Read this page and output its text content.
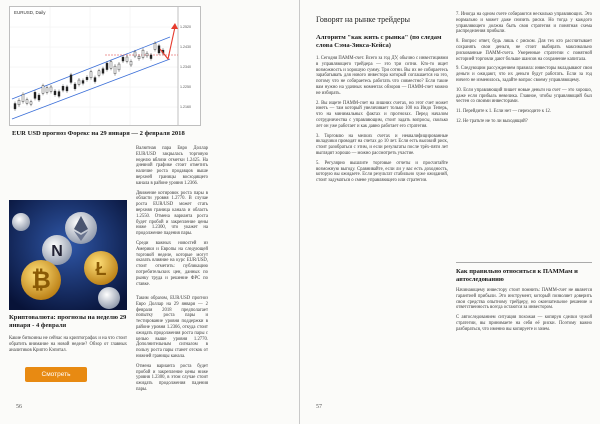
EURUSD, Daily
1.2520
1.2430
1.2340
1.2250
1.2160
EUR USD прогноз Форекс на 29 января — 2 февраля 2018

Валютная пара Евро Доллар EUR/USD закрылась торговую неделю вблизи отметки 1.2425. На дневной графике стоит отметить наличие роста продавцов выше верхней границы восходящего канала в районе уровня 1.2366.

Движение котировок роста пары в области уровня 1.2770. В случае роста EUR/USD может стать верхняя граница канала и область 1.2550. Отмена варианта роста будет пробой и закрепление цены ниже 1.2300, что укажет на продолжение падения пары.

Среди важных новостей из Америки и Европы на следующей торговой неделе, которые могут оказать влияние на курс EUR/USD, стоит отметить: публикацию потребительских цен, данных по рынку труда и решение ФРС по ставке.

N
₿ Ł
Криптовалюта: прогнозы на неделю 29 января - 4 февраля
Какие биткоины не сейчас на криптографах и на что стоит обратить внимание на новой неделе? Обзор от главных аналитиков Крипто Кэпитал.
Смотреть

Таким образом, EUR/USD прогноз Евро Доллар на 29 января — 2 февраля 2018 предполагает попытку роста пары и тестирование уровня поддержки в районе уровня 1.2366, откуда стоит ожидать продолжения роста пары с целью выше уровня 1.2770. Дополнительным сигналом в пользу роста пары станет отскок от нижней границы канала.

Отмена варианта роста будет пробой и закрепление цены ниже уровня 1.2300, в этом случае стоит ожидать продолжения падения пары.

56
Говорят на рынке трейдеры
Алгоритм "как жить с рынка" (по следам слова Сэма-Зикса-Кейса)

1. Сегодня ПАММ-счет. Всего за год ДУ, обычно с инвестициями в управляющего трейдера — это три сотни. Кто-то ищет возможность и хорошую сумму. Три сотни. Вы их не собираетесь зарабатывать для нового инвестора который соглашается на это, потому что не собираетесь работать что совместно? Если такие вам нужно на удачных моментах обзоров — ПАММ-счет можно не избирать.

2. Вы ищете ПАММ-счет на лишних счетах, но этот счет может иметь — там который увеличивает только 100 на Индо Теперь, что на минимальных фактах и прогнозах. Перед началом сотрудничества с управляющим, стоит задать вопросы, сколько лет он уже работает и как давно работает его стратегия.

3. Торговлю на мелких счетах и неквалифицированные вкладчики проводят на счетах до 10 лет. Если есть высокий риск, стоит разобраться с этим, и если результаты после трёх-пяти лет выглядят хорошо — можно рассмотреть участие.

5. Регулярно вышлите торговые отчеты и просчитайте возможную выгоду. Сравнивайте, если ли у вас есть доходность, которую вы ожидаете. Если результат стабильно хуже ожиданий, стоит задуматься о смене управляющего или стратегии.

7. Иногда на одном счете собираются несколько управляющих. Это нормально и может даже снизить риски. Но тогда у каждого управляющего должна быть своя стратегия и понятная схема распределения прибыли.

8. Вопрос ответ, будь лишь с риском. Для тех кто рассчитывает сохранять свои деньги, не стоит выбирать максимально рискованные ПАММ-счета. Умеренные стратегии с понятной историей торговли дают больше шансов на сохранение капитала.

9. Следующим рассуждением правила: инвесторы вкладывают свои деньги и ожидают, что их деньги будут работать. Если за год ничего не изменилось, задайте вопрос своему управляющему.

10. Если управляющий пишет новые деньги на счет — это хорошо, даже если прибыль невелика. Главное, чтобы управляющий был честен со своими инвесторами.

11. Перейдите к 1. Если нет — переходите к 12.

12. Не тратьте не то ли выходящий?

Как правильно относиться к ПАММам и автоследованию

Начинающему инвестору стоит помнить: ПАММ-счет не является гарантией прибыли. Это инструмент, который позволяет доверить свои средства опытному трейдеру, но окончательное решение и ответственность всегда остаются за инвестором.

С автоследованием ситуация похожая — копируя сделки чужой стратегии, вы принимаете на себя её риски. Поэтому важно разбираться, что именно вы копируете и зачем.

57
